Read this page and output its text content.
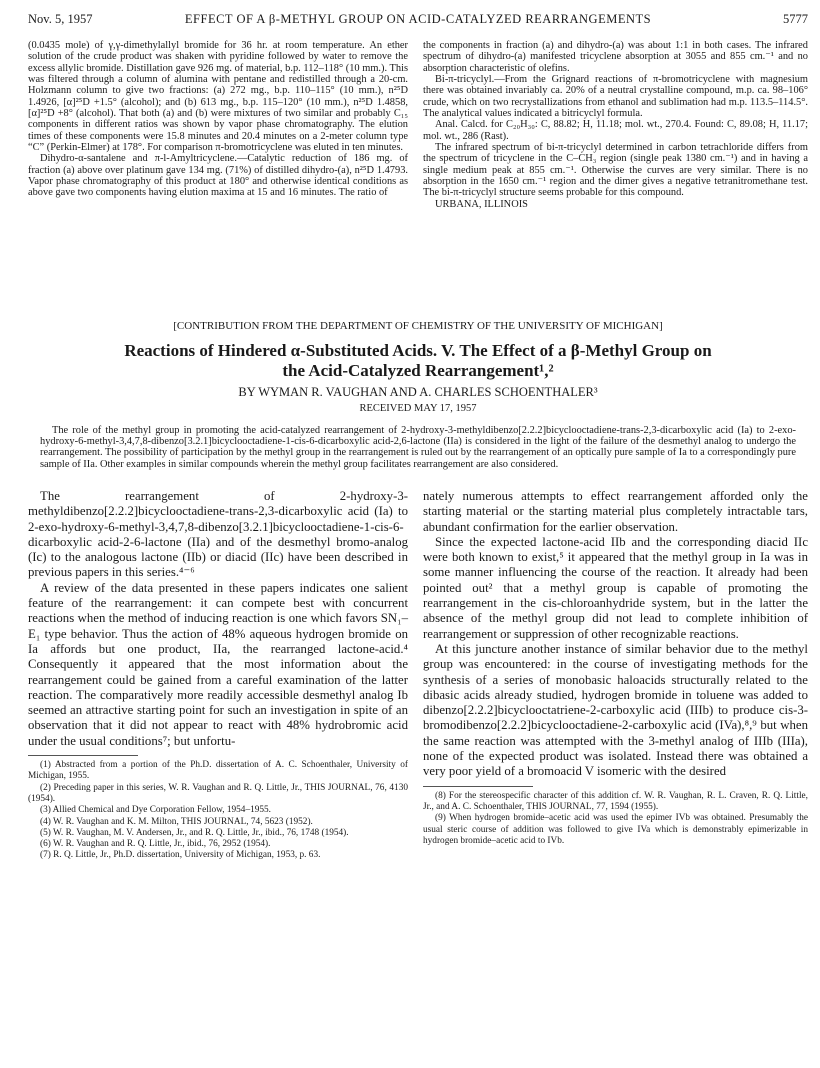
Nov. 5, 1957	EFFECT OF A β-METHYL GROUP ON ACID-CATALYZED REARRANGEMENTS	5777

(0.0435 mole) of γ,γ-dimethylallyl bromide for 36 hr. at room temperature. An ether solution of the crude product was shaken with pyridine followed by water to remove the excess allylic bromide. Distillation gave 926 mg. of material, b.p. 112–118° (10 mm.). This was filtered through a column of alumina with pentane and redistilled through a 20-cm. Holzmann column to give two fractions: (a) 272 mg., b.p. 110–115° (10 mm.), n²⁵D 1.4926, [α]²⁵D +1.5° (alcohol); and (b) 613 mg., b.p. 115–120° (10 mm.), n²⁵D 1.4858, [α]²⁵D +8° (alcohol). That both (a) and (b) were mixtures of two similar and probably C₁₅ components in different ratios was shown by vapor phase chromatography. The elution times of these components were 15.8 minutes and 20.4 minutes on a 2-meter column type “C” (Perkin-Elmer) at 178°. For comparison π-bromotricyclene was eluted in ten minutes.

Dihydro-α-santalene and π-l-Amyltricyclene.—Catalytic reduction of 186 mg. of fraction (a) above over platinum gave 134 mg. (71%) of distilled dihydro-(a), n²⁵D 1.4793. Vapor phase chromatography of this product at 180° and otherwise identical conditions as above gave two components having elution maxima at 15 and 16 minutes. The ratio of

the components in fraction (a) and dihydro-(a) was about 1:1 in both cases. The infrared spectrum of dihydro-(a) manifested tricyclene absorption at 3055 and 855 cm.⁻¹ and no absorption characteristic of olefins.

Bi-π-tricyclyl.—From the Grignard reactions of π-bromotricyclene with magnesium there was obtained invariably ca. 20% of a neutral crystalline compound, m.p. ca. 98–106° crude, which on two recrystallizations from ethanol and sublimation had m.p. 113.5–114.5°. The analytical values indicated a bitricyclyl formula.

Anal. Calcd. for C₂₀H₃₀: C, 88.82; H, 11.18; mol. wt., 270.4. Found: C, 89.08; H, 11.17; mol. wt., 286 (Rast).

The infrared spectrum of bi-π-tricyclyl determined in carbon tetrachloride differs from the spectrum of tricyclene in the C–CH₃ region (single peak 1380 cm.⁻¹) and in having a single medium peak at 855 cm.⁻¹. Otherwise the curves are very similar. There is no absorption in the 1650 cm.⁻¹ region and the dimer gives a negative tetranitromethane test. The bi-π-tricyclyl structure seems probable for this compound.

URBANA, ILLINOIS

[CONTRIBUTION FROM THE DEPARTMENT OF CHEMISTRY OF THE UNIVERSITY OF MICHIGAN]
Reactions of Hindered α-Substituted Acids. V. The Effect of a β-Methyl Group on
the Acid-Catalyzed Rearrangement¹,²
BY WYMAN R. VAUGHAN AND A. CHARLES SCHOENTHALER³
RECEIVED MAY 17, 1957

The role of the methyl group in promoting the acid-catalyzed rearrangement of 2-hydroxy-3-methyldibenzo[2.2.2]bicyclooctadiene-trans-2,3-dicarboxylic acid (Ia) to 2-exo-hydroxy-6-methyl-3,4,7,8-dibenzo[3.2.1]bicyclooctadiene-1-cis-6-dicarboxylic acid-2,6-lactone (IIa) is considered in the light of the failure of the desmethyl analog to undergo the rearrangement. The possibility of participation by the methyl group in the rearrangement is ruled out by the rearrangement of an optically pure sample of Ia to a correspondingly pure sample of IIa. Other examples in similar compounds wherein the methyl group facilitates rearrangement are also considered.

The rearrangement of 2-hydroxy-3-methyldibenzo[2.2.2]bicyclooctadiene-trans-2,3-dicarboxylic acid (Ia) to 2-exo-hydroxy-6-methyl-3,4,7,8-dibenzo[3.2.1]bicyclooctadiene-1-cis-6-dicarboxylic acid-2-6-lactone (IIa) and of the desmethyl bromo-analog (Ic) to the analogous lactone (IIb) or diacid (IIc) have been described in previous papers in this series.⁴⁻⁶

A review of the data presented in these papers indicates one salient feature of the rearrangement: it can compete best with concurrent reactions when the method of inducing reaction is one which favors SN₁–E₁ type behavior. Thus the action of 48% aqueous hydrogen bromide on Ia affords but one product, IIa, the rearranged lactone-acid.⁴ Consequently it appeared that the most information about the rearrangement could be gained from a careful examination of the latter reaction. The comparatively more readily accessible desmethyl analog Ib seemed an attractive starting point for such an investigation in spite of an observation that it did not appear to react with 48% hydrobromic acid under the usual conditions⁷; but unfortu-

(1) Abstracted from a portion of the Ph.D. dissertation of A. C. Schoenthaler, University of Michigan, 1955.

(2) Preceding paper in this series, W. R. Vaughan and R. Q. Little, Jr., THIS JOURNAL, 76, 4130 (1954).

(3) Allied Chemical and Dye Corporation Fellow, 1954–1955.

(4) W. R. Vaughan and K. M. Milton, THIS JOURNAL, 74, 5623 (1952).

(5) W. R. Vaughan, M. V. Andersen, Jr., and R. Q. Little, Jr., ibid., 76, 1748 (1954).

(6) W. R. Vaughan and R. Q. Little, Jr., ibid., 76, 2952 (1954).

(7) R. Q. Little, Jr., Ph.D. dissertation, University of Michigan, 1953, p. 63.

nately numerous attempts to effect rearrangement afforded only the starting material or the starting material plus completely intractable tars, abundant confirmation for the earlier observation.

Since the expected lactone-acid IIb and the corresponding diacid IIc were both known to exist,⁵ it appeared that the methyl group in Ia was in some manner influencing the course of the reaction. It already had been pointed out² that a methyl group is capable of promoting the rearrangement in the cis-chloroanhydride system, but in the latter the absence of the methyl group did not lead to complete inhibition of rearrangement or suppression of other recognizable reactions.

At this juncture another instance of similar behavior due to the methyl group was encountered: in the course of investigating methods for the synthesis of a series of monobasic haloacids structurally related to the dibasic acids already studied, hydrogen bromide in toluene was added to dibenzo[2.2.2]bicyclooctatriene-2-carboxylic acid (IIIb) to produce cis-3-bromodibenzo[2.2.2]bicyclooctadiene-2-carboxylic acid (IVa),⁸,⁹ but when the same reaction was attempted with the 3-methyl analog of IIIb (IIIa), none of the expected product was isolated. Instead there was obtained a very poor yield of a bromoacid V isomeric with the desired

(8) For the stereospecific character of this addition cf. W. R. Vaughan, R. L. Craven, R. Q. Little, Jr., and A. C. Schoenthaler, THIS JOURNAL, 77, 1594 (1955).

(9) When hydrogen bromide–acetic acid was used the epimer IVb was obtained. Presumably the usual steric course of addition was followed to give IVa which is demonstrably epimerizable in hydrogen bromide–acetic acid to IVb.
